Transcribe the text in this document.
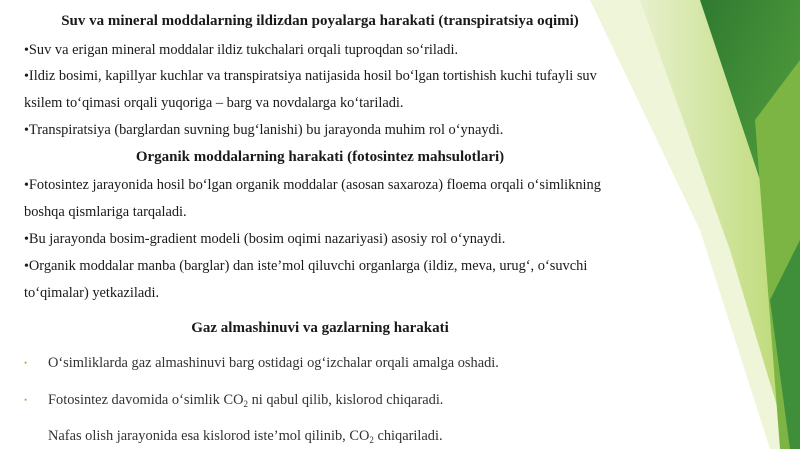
Suv va mineral moddalarning ildizdan poyalarga harakati (transpiratsiya oqimi)
•Suv va erigan mineral moddalar ildiz tukchalari orqali tuproqdan so‘riladi.
•Ildiz bosimi, kapillyar kuchlar va transpiratsiya natijasida hosil bo‘lgan tortishish kuchi tufayli suv
ksilem to‘qimasi orqali yuqoriga – barg va novdalarga ko‘tariladi.
•Transpiratsiya (barglardan suvning bug‘lanishi) bu jarayonda muhim rol o‘ynaydi.
Organik moddalarning harakati (fotosintez mahsulotlari)
•Fotosintez jarayonida hosil bo‘lgan organik moddalar (asosan saxaroza) floema orqali o‘simlikning
boshqa qismlariga tarqaladi.
•Bu jarayonda bosim-gradient modeli (bosim oqimi nazariyasi) asosiy rol o‘ynaydi.
•Organik moddalar manba (barglar) dan iste’mol qiluvchi organlarga (ildiz, meva, urug‘, o‘suvchi
to‘qimalar) yetkaziladi.
Gaz almashinuvi va gazlarning harakati
• O‘simliklarda gaz almashinuvi barg ostidagi og‘izchalar orqali amalga oshadi.
• Fotosintez davomida o‘simlik $CO_2$ ni qabul qilib, kislorod chiqaradi.
Nafas olish jarayonida esa kislorod iste’mol qilinib, $CO_2$ chiqariladi.
